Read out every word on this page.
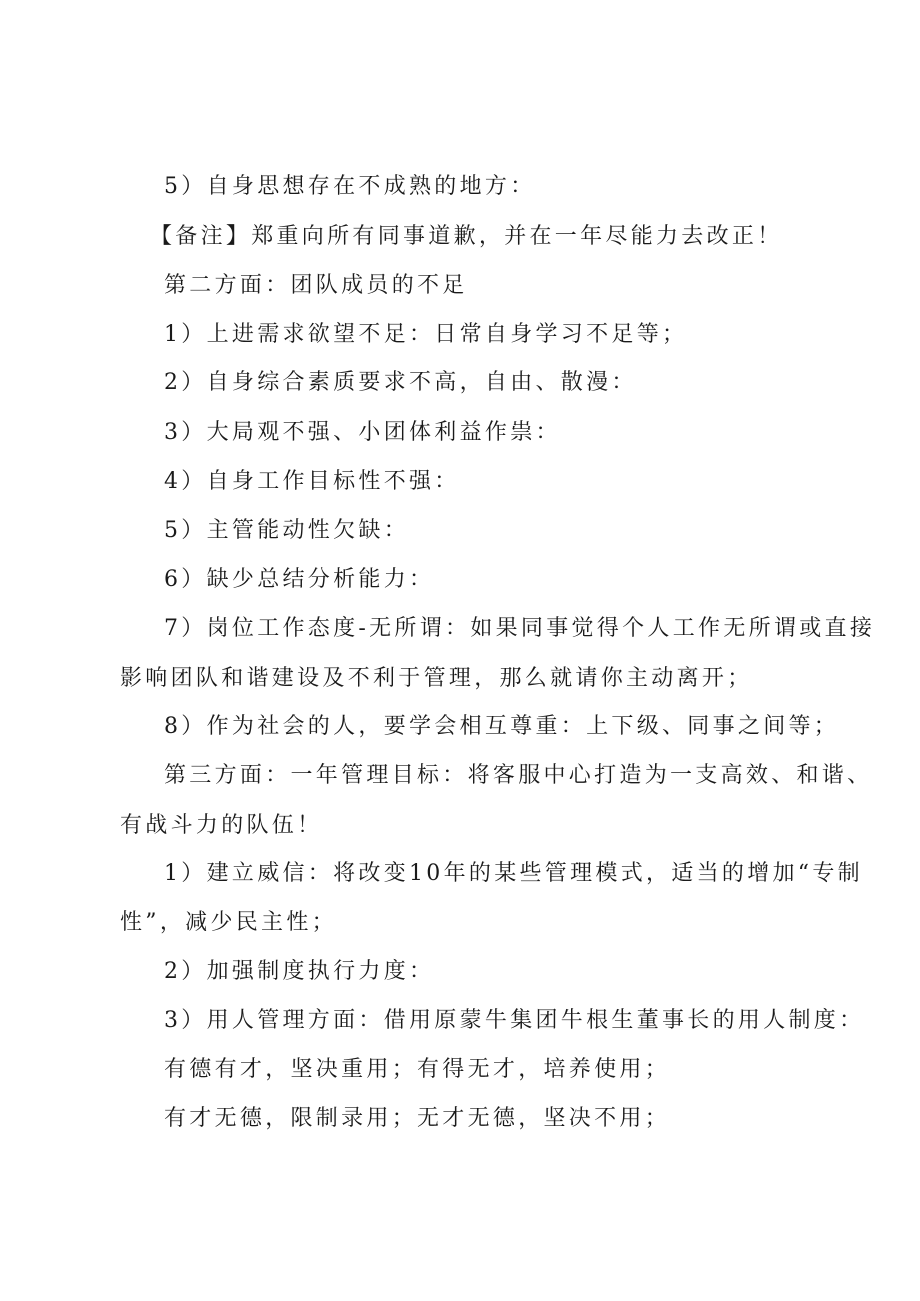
5）自身思想存在不成熟的地方：
【备注】郑重向所有同事道歉，并在一年尽能力去改正！
第二方面：团队成员的不足
1）上进需求欲望不足：日常自身学习不足等；
2）自身综合素质要求不高，自由、散漫：
3）大局观不强、小团体利益作祟：
4）自身工作目标性不强：
5）主管能动性欠缺：
6）缺少总结分析能力：
7）岗位工作态度-无所谓：如果同事觉得个人工作无所谓或直接
影响团队和谐建设及不利于管理，那么就请你主动离开；
8）作为社会的人，要学会相互尊重：上下级、同事之间等；
第三方面：一年管理目标：将客服中心打造为一支高效、和谐、
有战斗力的队伍！
1）建立威信：将改变10年的某些管理模式，适当的增加“专制
性”，减少民主性；
2）加强制度执行力度：
3）用人管理方面：借用原蒙牛集团牛根生董事长的用人制度：
有德有才，坚决重用；有得无才，培养使用；
有才无德，限制录用；无才无德，坚决不用；
